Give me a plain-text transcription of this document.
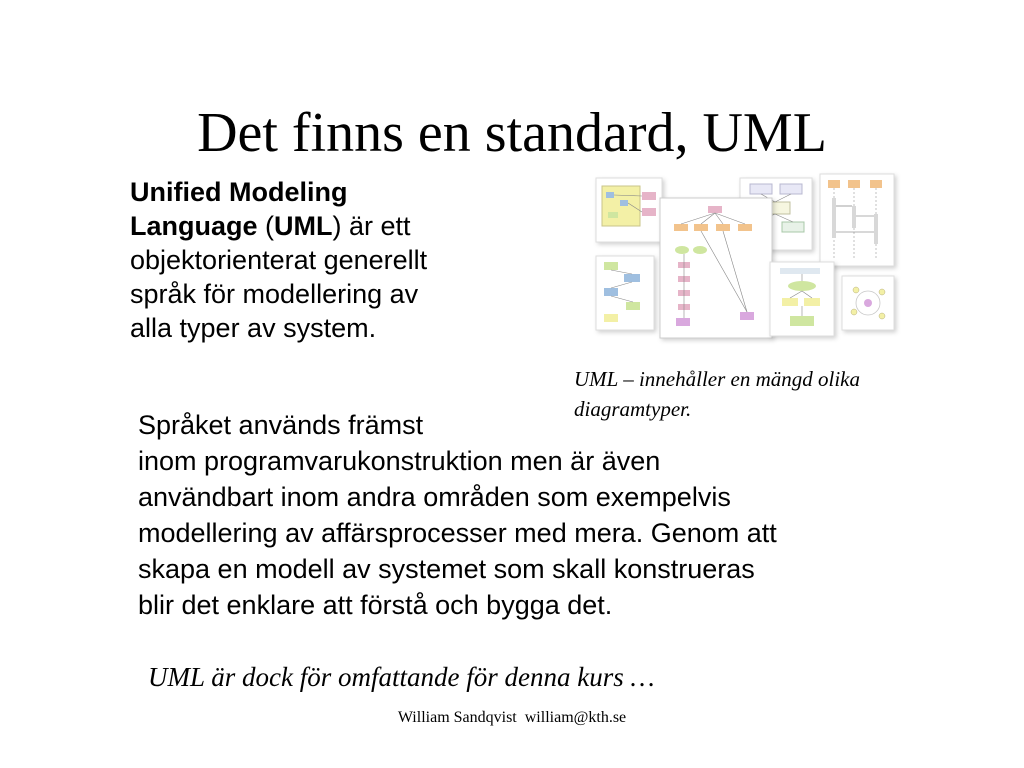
Det finns en standard, UML
Unified Modeling
Language (UML) är ett
objektorienterat generellt
språk för modellering av
alla typer av system.
UML – innehåller en mängd olika
diagramtyper.
Språket används främst
inom programvarukonstruktion men är även
användbart inom andra områden som exempelvis
modellering av affärsprocesser med mera. Genom att
skapa en modell av systemet som skall konstrueras
blir det enklare att förstå och bygga det.
UML är dock för omfattande för denna kurs …
William Sandqvist  william@kth.se
